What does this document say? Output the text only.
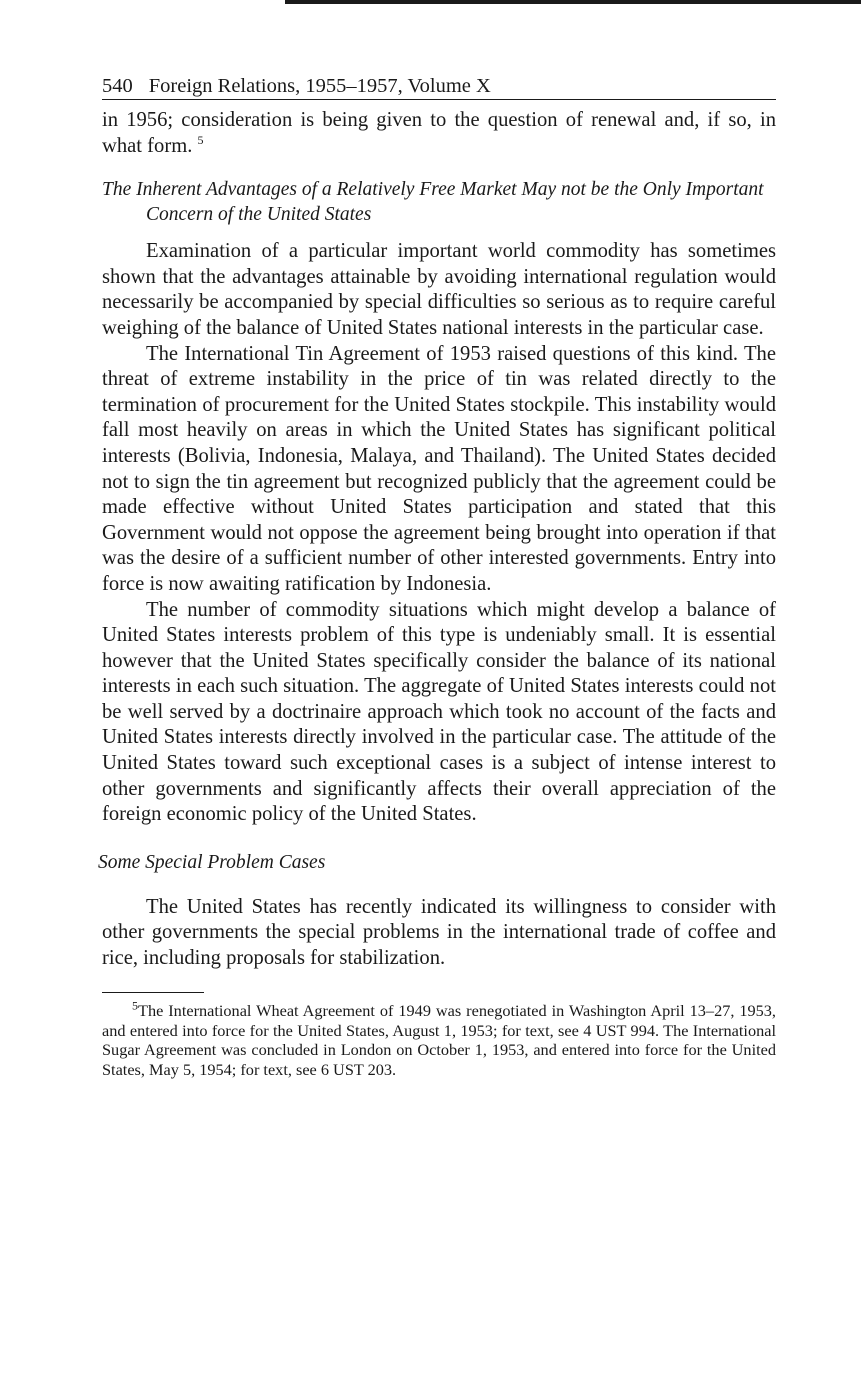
540 Foreign Relations, 1955–1957, Volume X

in 1956; consideration is being given to the question of renewal and, if so, in what form. $^5$

The Inherent Advantages of a Relatively Free Market May not be the Only Important Concern of the United States

Examination of a particular important world commodity has sometimes shown that the advantages attainable by avoiding international regulation would necessarily be accompanied by special difficulties so serious as to require careful weighing of the balance of United States national interests in the particular case.

The International Tin Agreement of 1953 raised questions of this kind. The threat of extreme instability in the price of tin was related directly to the termination of procurement for the United States stockpile. This instability would fall most heavily on areas in which the United States has significant political interests (Bolivia, Indonesia, Malaya, and Thailand). The United States decided not to sign the tin agreement but recognized publicly that the agreement could be made effective without United States participation and stated that this Government would not oppose the agreement being brought into operation if that was the desire of a sufficient number of other interested governments. Entry into force is now awaiting ratification by Indonesia.

The number of commodity situations which might develop a balance of United States interests problem of this type is undeniably small. It is essential however that the United States specifically consider the balance of its national interests in each such situation. The aggregate of United States interests could not be well served by a doctrinaire approach which took no account of the facts and United States interests directly involved in the particular case. The attitude of the United States toward such exceptional cases is a subject of intense interest to other governments and significantly affects their overall appreciation of the foreign economic policy of the United States.

Some Special Problem Cases

The United States has recently indicated its willingness to consider with other governments the special problems in the international trade of coffee and rice, including proposals for stabilization.

$^5$The International Wheat Agreement of 1949 was renegotiated in Washington April 13–27, 1953, and entered into force for the United States, August 1, 1953; for text, see 4 UST 994. The International Sugar Agreement was concluded in London on October 1, 1953, and entered into force for the United States, May 5, 1954; for text, see 6 UST 203.
